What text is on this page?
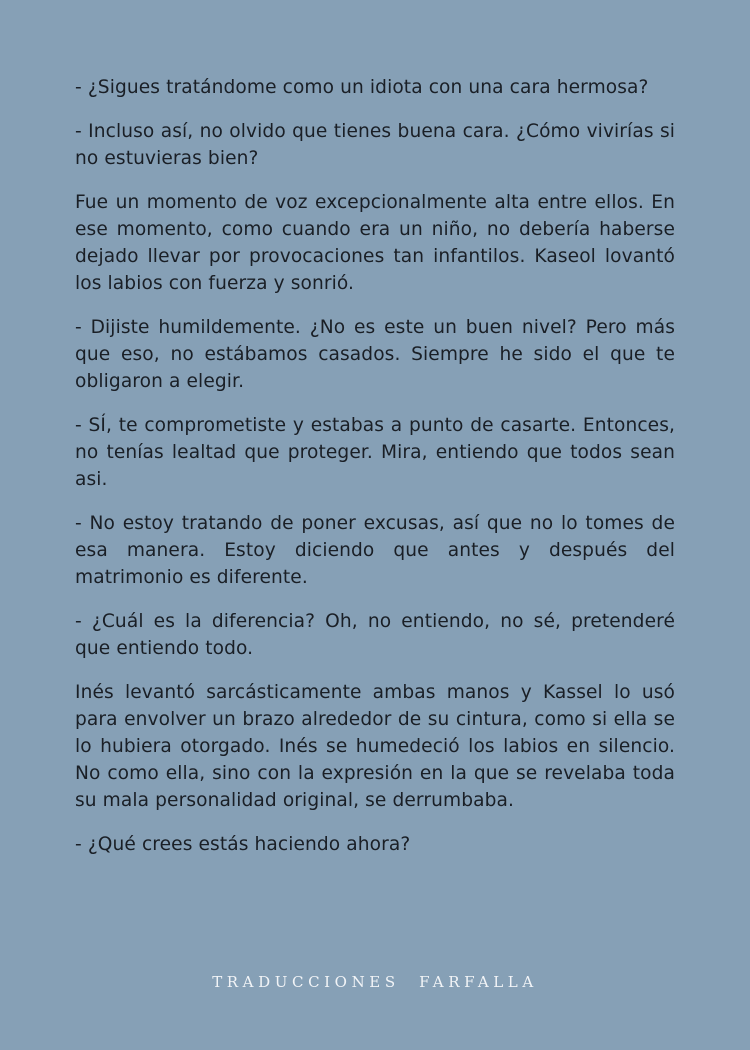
- ¿Sigues tratándome como un idiota con una cara hermosa?

- Incluso así, no olvido que tienes buena cara. ¿Cómo vivirías si no estuvieras bien?

Fue un momento de voz excepcionalmente alta entre ellos. En ese momento, como cuando era un niño, no debería haberse dejado llevar por provocaciones tan infantilos. Kaseol lovantó los labios con fuerza y sonrió.

- Dijiste humildemente. ¿No es este un buen nivel? Pero más que eso, no estábamos casados. Siempre he sido el que te obligaron a elegir.

- SÍ, te comprometiste y estabas a punto de casarte. Entonces, no tenías lealtad que proteger. Mira, entiendo que todos sean asi.

- No estoy tratando de poner excusas, así que no lo tomes de esa manera. Estoy diciendo que antes y después del matrimonio es diferente.

- ¿Cuál es la diferencia? Oh, no entiendo, no sé, pretenderé que entiendo todo.

Inés levantó sarcásticamente ambas manos y Kassel lo usó para envolver un brazo alrededor de su cintura, como si ella se lo hubiera otorgado. Inés se humedeció los labios en silencio. No como ella, sino con la expresión en la que se revelaba toda su mala personalidad original, se derrumbaba.

- ¿Qué crees estás haciendo ahora?

TRADUCCIONES FARFALLA
